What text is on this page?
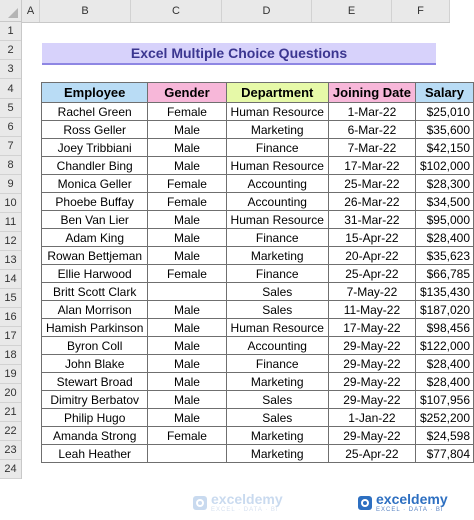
A	B	C	D	E	F
1
2
3
4
5
6
7
8
9
10
11
12
13
14
15
16
17
18
19
20
21
22
23
24
Excel Multiple Choice Questions
Employee	Gender	Department	Joining Date	Salary
Rachel Green	Female	Human Resource	1-Mar-22	$25,010
Ross Geller	Male	Marketing	6-Mar-22	$35,600
Joey Tribbiani	Male	Finance	7-Mar-22	$42,150
Chandler Bing	Male	Human Resource	17-Mar-22	$102,000
Monica Geller	Female	Accounting	25-Mar-22	$28,300
Phoebe Buffay	Female	Accounting	26-Mar-22	$34,500
Ben Van Lier	Male	Human Resource	31-Mar-22	$95,000
Adam King	Male	Finance	15-Apr-22	$28,400
Rowan Bettjeman	Male	Marketing	20-Apr-22	$35,623
Ellie Harwood	Female	Finance	25-Apr-22	$66,785
Britt Scott Clark		Sales	7-May-22	$135,430
Alan Morrison	Male	Sales	11-May-22	$187,020
Hamish Parkinson	Male	Human Resource	17-May-22	$98,456
Byron Coll	Male	Accounting	29-May-22	$122,000
John Blake	Male	Finance	29-May-22	$28,400
Stewart Broad	Male	Marketing	29-May-22	$28,400
Dimitry Berbatov	Male	Sales	29-May-22	$107,956
Philip Hugo	Male	Sales	1-Jan-22	$252,200
Amanda Strong	Female	Marketing	29-May-22	$24,598
Leah Heather		Marketing	25-Apr-22	$77,804
exceldemy
EXCEL · DATA · BI
exceldemy
EXCEL · DATA · BI
